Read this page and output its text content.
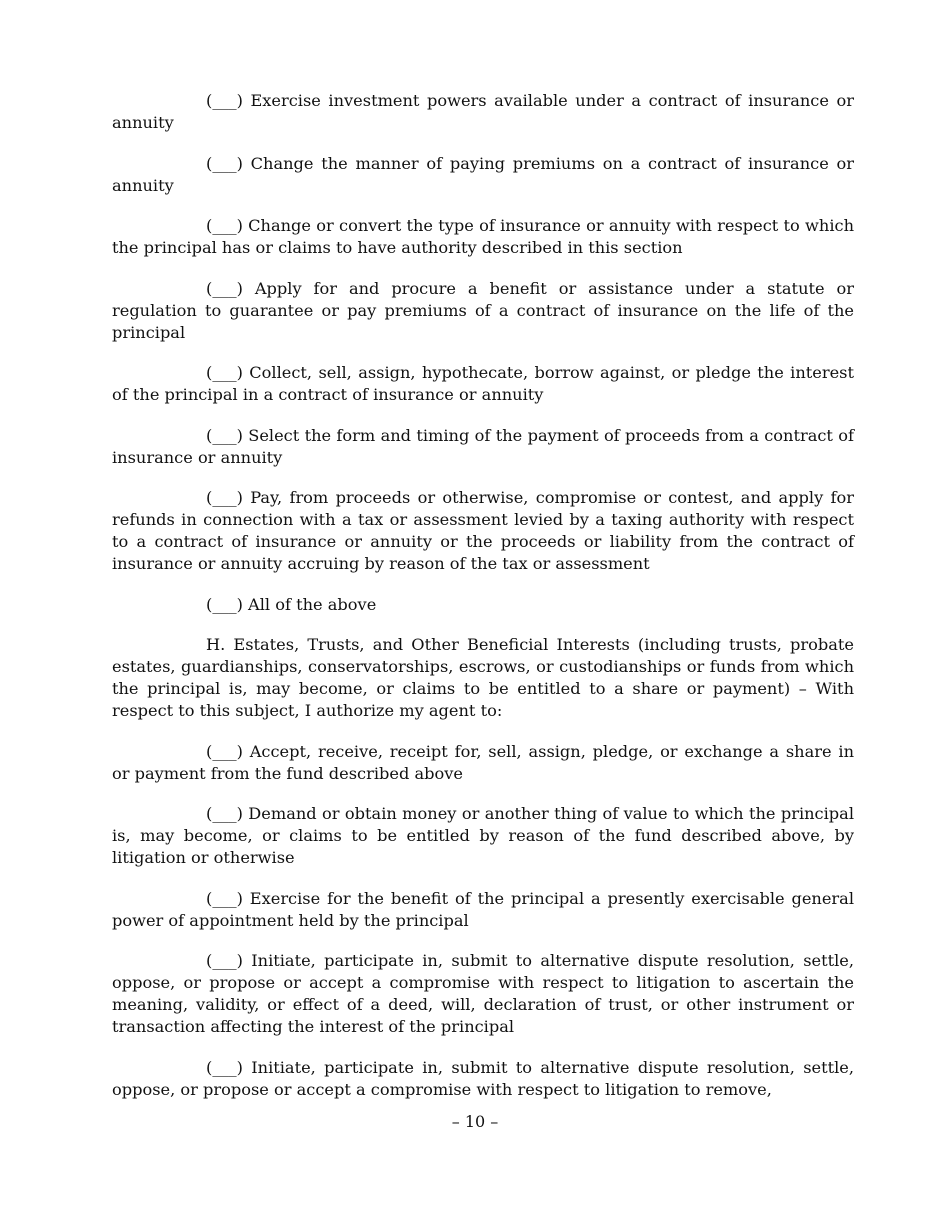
(___) Exercise investment powers available under a contract of insurance or annuity

(___) Change the manner of paying premiums on a contract of insurance or annuity

(___) Change or convert the type of insurance or annuity with respect to which the principal has or claims to have authority described in this section

(___) Apply for and procure a benefit or assistance under a statute or regulation to guarantee or pay premiums of a contract of insurance on the life of the principal

(___) Collect, sell, assign, hypothecate, borrow against, or pledge the interest of the principal in a contract of insurance or annuity

(___) Select the form and timing of the payment of proceeds from a contract of insurance or annuity

(___) Pay, from proceeds or otherwise, compromise or contest, and apply for refunds in connection with a tax or assessment levied by a taxing authority with respect to a contract of insurance or annuity or the proceeds or liability from the contract of insurance or annuity accruing by reason of the tax or assessment

(___) All of the above

H. Estates, Trusts, and Other Beneficial Interests (including trusts, probate estates, guardianships, conservatorships, escrows, or custodianships or funds from which the principal is, may become, or claims to be entitled to a share or payment) – With respect to this subject, I authorize my agent to:

(___) Accept, receive, receipt for, sell, assign, pledge, or exchange a share in or payment from the fund described above

(___) Demand or obtain money or another thing of value to which the principal is, may become, or claims to be entitled by reason of the fund described above, by litigation or otherwise

(___) Exercise for the benefit of the principal a presently exercisable general power of appointment held by the principal

(___) Initiate, participate in, submit to alternative dispute resolution, settle, oppose, or propose or accept a compromise with respect to litigation to ascertain the meaning, validity, or effect of a deed, will, declaration of trust, or other instrument or transaction affecting the interest of the principal

(___) Initiate, participate in, submit to alternative dispute resolution, settle, oppose, or propose or accept a compromise with respect to litigation to remove,

– 10 –
